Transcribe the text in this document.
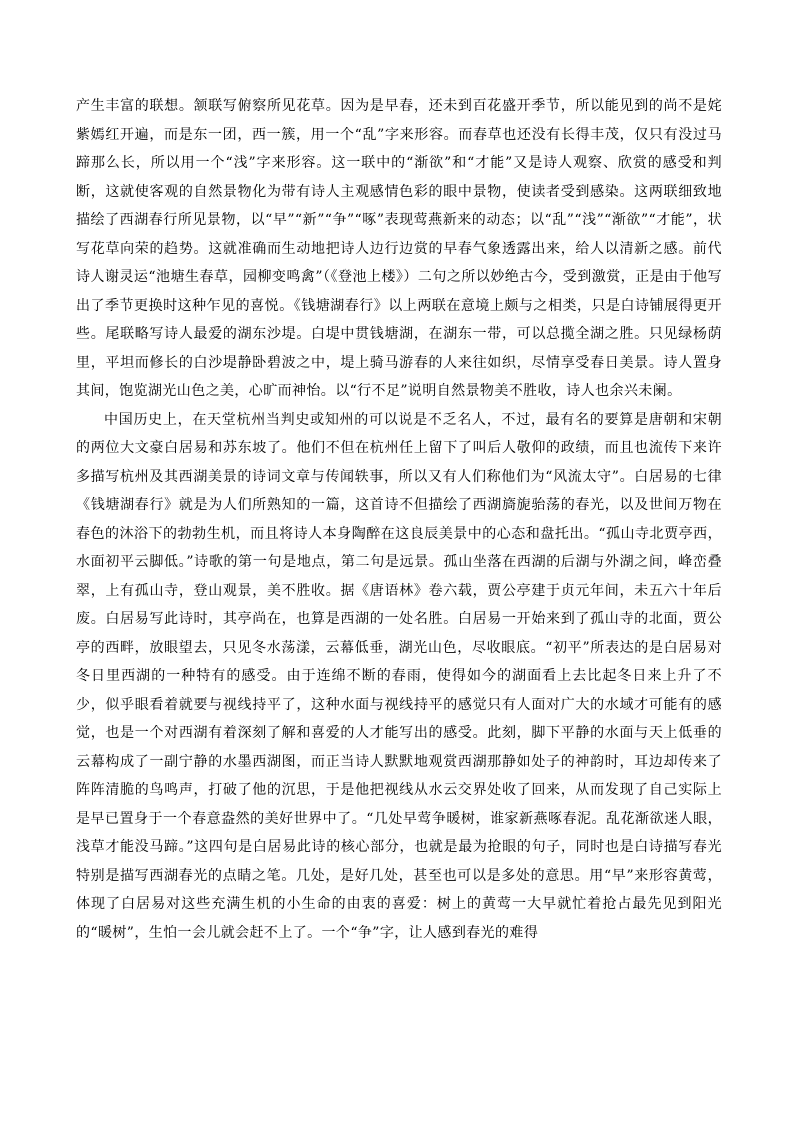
产生丰富的联想。颔联写俯察所见花草。因为是早春，还未到百花盛开季节，所以能见到的尚不是姹紫嫣红开遍，而是东一团，西一簇，用一个“乱”字来形容。而春草也还没有长得丰茂，仅只有没过马蹄那么长，所以用一个“浅”字来形容。这一联中的“渐欲”和“才能”又是诗人观察、欣赏的感受和判断，这就使客观的自然景物化为带有诗人主观感情色彩的眼中景物，使读者受到感染。这两联细致地描绘了西湖春行所见景物，以“早”“新”“争”“啄”表现莺燕新来的动态；以“乱”“浅”“渐欲”“才能”，状写花草向荣的趋势。这就准确而生动地把诗人边行边赏的早春气象透露出来，给人以清新之感。前代诗人谢灵运“池塘生春草，园柳变鸣禽”（《登池上楼》）二句之所以妙绝古今，受到激赏，正是由于他写出了季节更换时这种乍见的喜悦。《钱塘湖春行》以上两联在意境上颇与之相类，只是白诗铺展得更开些。尾联略写诗人最爱的湖东沙堤。白堤中贯钱塘湖，在湖东一带，可以总揽全湖之胜。只见绿杨荫里，平坦而修长的白沙堤静卧碧波之中，堤上骑马游春的人来往如织，尽情享受春日美景。诗人置身其间，饱览湖光山色之美，心旷而神怡。以“行不足”说明自然景物美不胜收，诗人也余兴未阑。

中国历史上，在天堂杭州当判史或知州的可以说是不乏名人，不过，最有名的要算是唐朝和宋朝的两位大文豪白居易和苏东坡了。他们不但在杭州任上留下了叫后人敬仰的政绩，而且也流传下来许多描写杭州及其西湖美景的诗词文章与传闻轶事，所以又有人们称他们为“风流太守”。白居易的七律《钱塘湖春行》就是为人们所熟知的一篇，这首诗不但描绘了西湖旖旎骀荡的春光，以及世间万物在春色的沐浴下的勃勃生机，而且将诗人本身陶醉在这良辰美景中的心态和盘托出。“孤山寺北贾亭西，水面初平云脚低。”诗歌的第一句是地点，第二句是远景。孤山坐落在西湖的后湖与外湖之间，峰峦叠翠，上有孤山寺，登山观景，美不胜收。据《唐语林》卷六载，贾公亭建于贞元年间，未五六十年后废。白居易写此诗时，其亭尚在，也算是西湖的一处名胜。白居易一开始来到了孤山寺的北面，贾公亭的西畔，放眼望去，只见冬水荡漾，云幕低垂，湖光山色，尽收眼底。“初平”所表达的是白居易对冬日里西湖的一种特有的感受。由于连绵不断的春雨，使得如今的湖面看上去比起冬日来上升了不少，似乎眼看着就要与视线持平了，这种水面与视线持平的感觉只有人面对广大的水域才可能有的感觉，也是一个对西湖有着深刻了解和喜爱的人才能写出的感受。此刻，脚下平静的水面与天上低垂的云幕构成了一副宁静的水墨西湖图，而正当诗人默默地观赏西湖那静如处子的神韵时，耳边却传来了阵阵清脆的鸟鸣声，打破了他的沉思，于是他把视线从水云交界处收了回来，从而发现了自己实际上是早已置身于一个春意盎然的美好世界中了。“几处早莺争暖树，谁家新燕啄春泥。乱花渐欲迷人眼，浅草才能没马蹄。”这四句是白居易此诗的核心部分，也就是最为抢眼的句子，同时也是白诗描写春光特别是描写西湖春光的点睛之笔。几处，是好几处，甚至也可以是多处的意思。用“早”来形容黄莺，体现了白居易对这些充满生机的小生命的由衷的喜爱：树上的黄莺一大早就忙着抢占最先见到阳光的“暖树”，生怕一会儿就会赶不上了。一个“争”字，让人感到春光的难得
